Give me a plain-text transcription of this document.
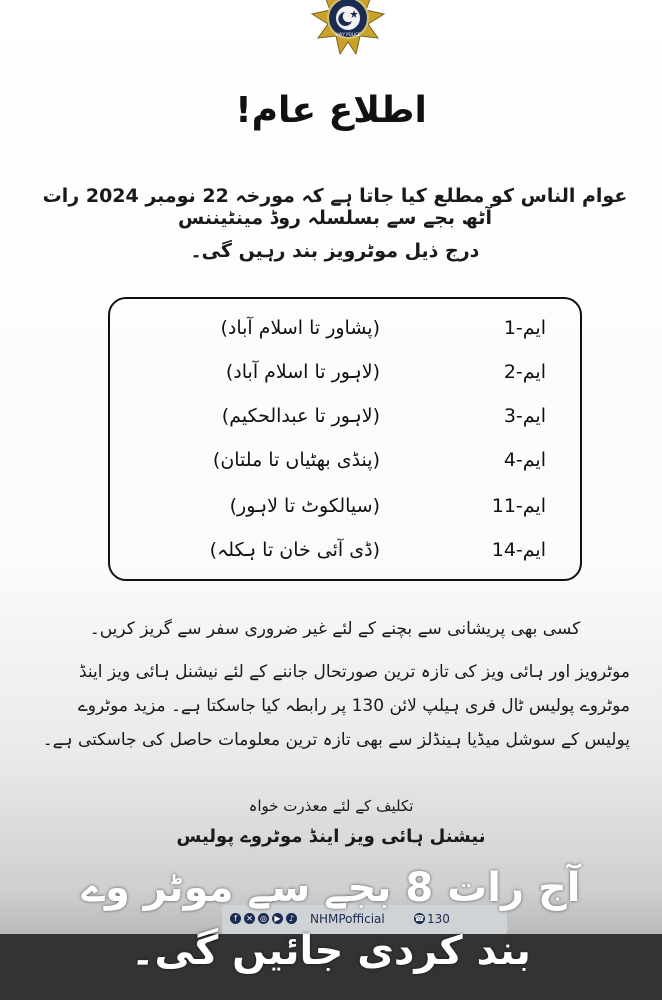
HWY POLICE
اطلاع عام!
عوام الناس کو مطلع کیا جاتا ہے کہ مورخہ 22 نومبر 2024 رات آٹھ بجے سے بسلسلہ روڈ مینٹیننس
درج ذیل موٹرویز بند رہیں گی۔
ایم-1
(پشاور تا اسلام آباد)
ایم-2
(لاہور تا اسلام آباد)
ایم-3
(لاہور تا عبدالحکیم)
ایم-4
(پنڈی بھٹیاں تا ملتان)
ایم-11
(سیالکوٹ تا لاہور)
ایم-14
(ڈی آئی خان تا ہکلہ)
کسی بھی پریشانی سے بچنے کے لئے غیر ضروری سفر سے گریز کریں۔
موٹرویز اور ہائی ویز کی تازہ ترین صورتحال جاننے کے لئے نیشنل ہائی ویز اینڈ موٹروے پولیس ٹال فری ہیلپ لائن 130 پر رابطہ کیا جاسکتا ہے۔ مزید موٹروے پولیس کے سوشل میڈیا ہینڈلز سے بھی تازہ ترین معلومات حاصل کی جاسکتی ہے۔
تکلیف کے لئے معذرت خواہ
نیشنل ہائی ویز اینڈ موٹروے پولیس
f	✕ ◎ ▶	♪ NHMPofficial	☎ 130
آج رات 8 بجے سے موٹر وے
بند کردی جائیں گی۔
